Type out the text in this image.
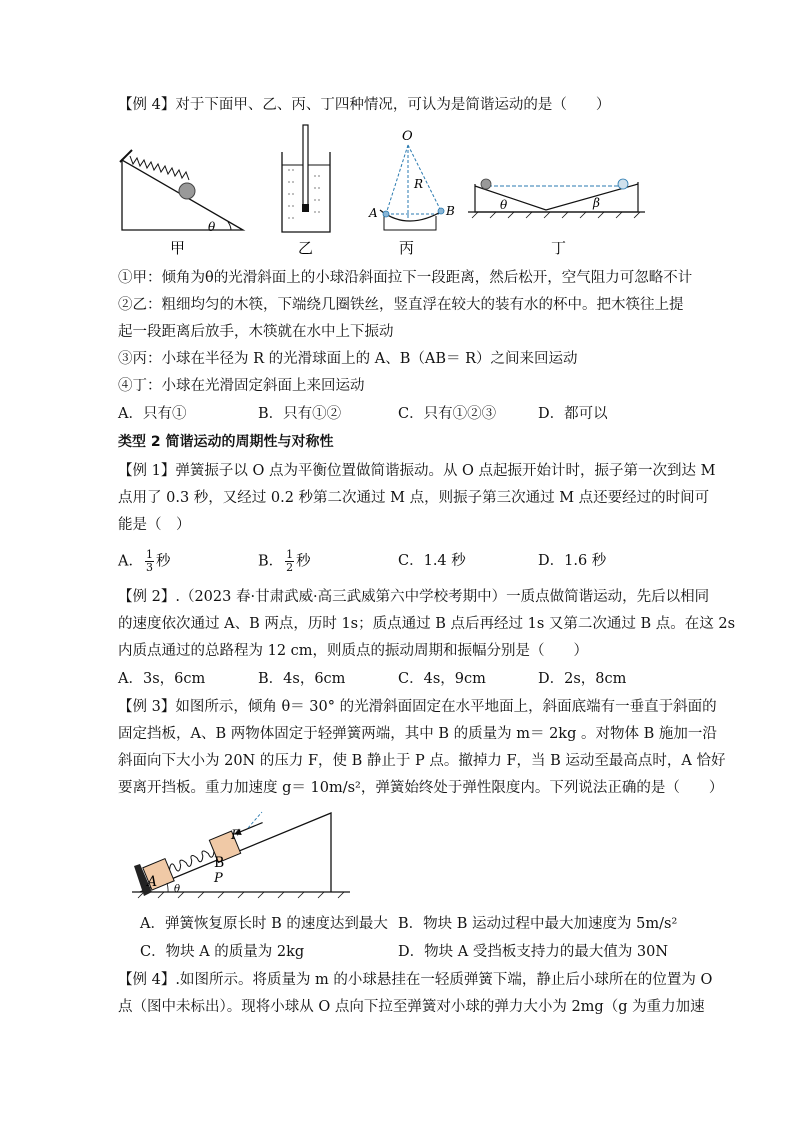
【例 4】对于下面甲、乙、丙、丁四种情况，可认为是简谐运动的是（　　）
θ
甲	乙
O
R
A	B
丙
θ	β
丁
①甲：倾角为θ的光滑斜面上的小球沿斜面拉下一段距离，然后松开，空气阻力可忽略不计
②乙：粗细均匀的木筷，下端绕几圈铁丝，竖直浮在较大的装有水的杯中。把木筷往上提
起一段距离后放手，木筷就在水中上下振动
③丙：小球在半径为 R 的光滑球面上的 A、B（AB＝ R）之间来回运动
④丁：小球在光滑固定斜面上来回运动
A．只有①	B．只有①②	C．只有①②③	D．都可以
类型 2 简谐运动的周期性与对称性
【例 1】弹簧振子以 O 点为平衡位置做简谐振动。从 O 点起振开始计时，振子第一次到达 M
点用了 0.3 秒，又经过 0.2 秒第二次通过 M 点，则振子第三次通过 M 点还要经过的时间可
能是（　）
A． $\frac{1}{3}$ 秒	B． $\frac{1}{2}$ 秒	C．1.4 秒	D．1.6 秒
【例 2】.（2023 春·甘肃武威·高三武威第六中学校考期中）一质点做简谐运动，先后以相同
的速度依次通过 A、B 两点，历时 1s；质点通过 B 点后再经过 1s 又第二次通过 B 点。在这 2s
内质点通过的总路程为 12 cm，则质点的振动周期和振幅分别是（　　）
A．3s，6cm	B．4s，6cm	C．4s，9cm	D．2s，8cm
【例 3】如图所示，倾角 θ＝ 30° 的光滑斜面固定在水平地面上，斜面底端有一垂直于斜面的
固定挡板，A、B 两物体固定于轻弹簧两端，其中 B 的质量为 m＝ 2kg 。对物体 B 施加一沿
斜面向下大小为 20N 的压力 F，使 B 静止于 P 点。撤掉力 F，当 B 运动至最高点时，A 恰好
要离开挡板。重力加速度 g＝ 10m/s²，弹簧始终处于弹性限度内。下列说法正确的是（　　）
A
B
F
P
θ
A．弹簧恢复原长时 B 的速度达到最大 B．物块 B 运动过程中最大加速度为 5m/s²
C．物块 A 的质量为 2kg	D．物块 A 受挡板支持力的最大值为 30N
【例 4】.如图所示。将质量为 m 的小球悬挂在一轻质弹簧下端，静止后小球所在的位置为 O
点（图中未标出）。现将小球从 O 点向下拉至弹簧对小球的弹力大小为 2mg（g 为重力加速
